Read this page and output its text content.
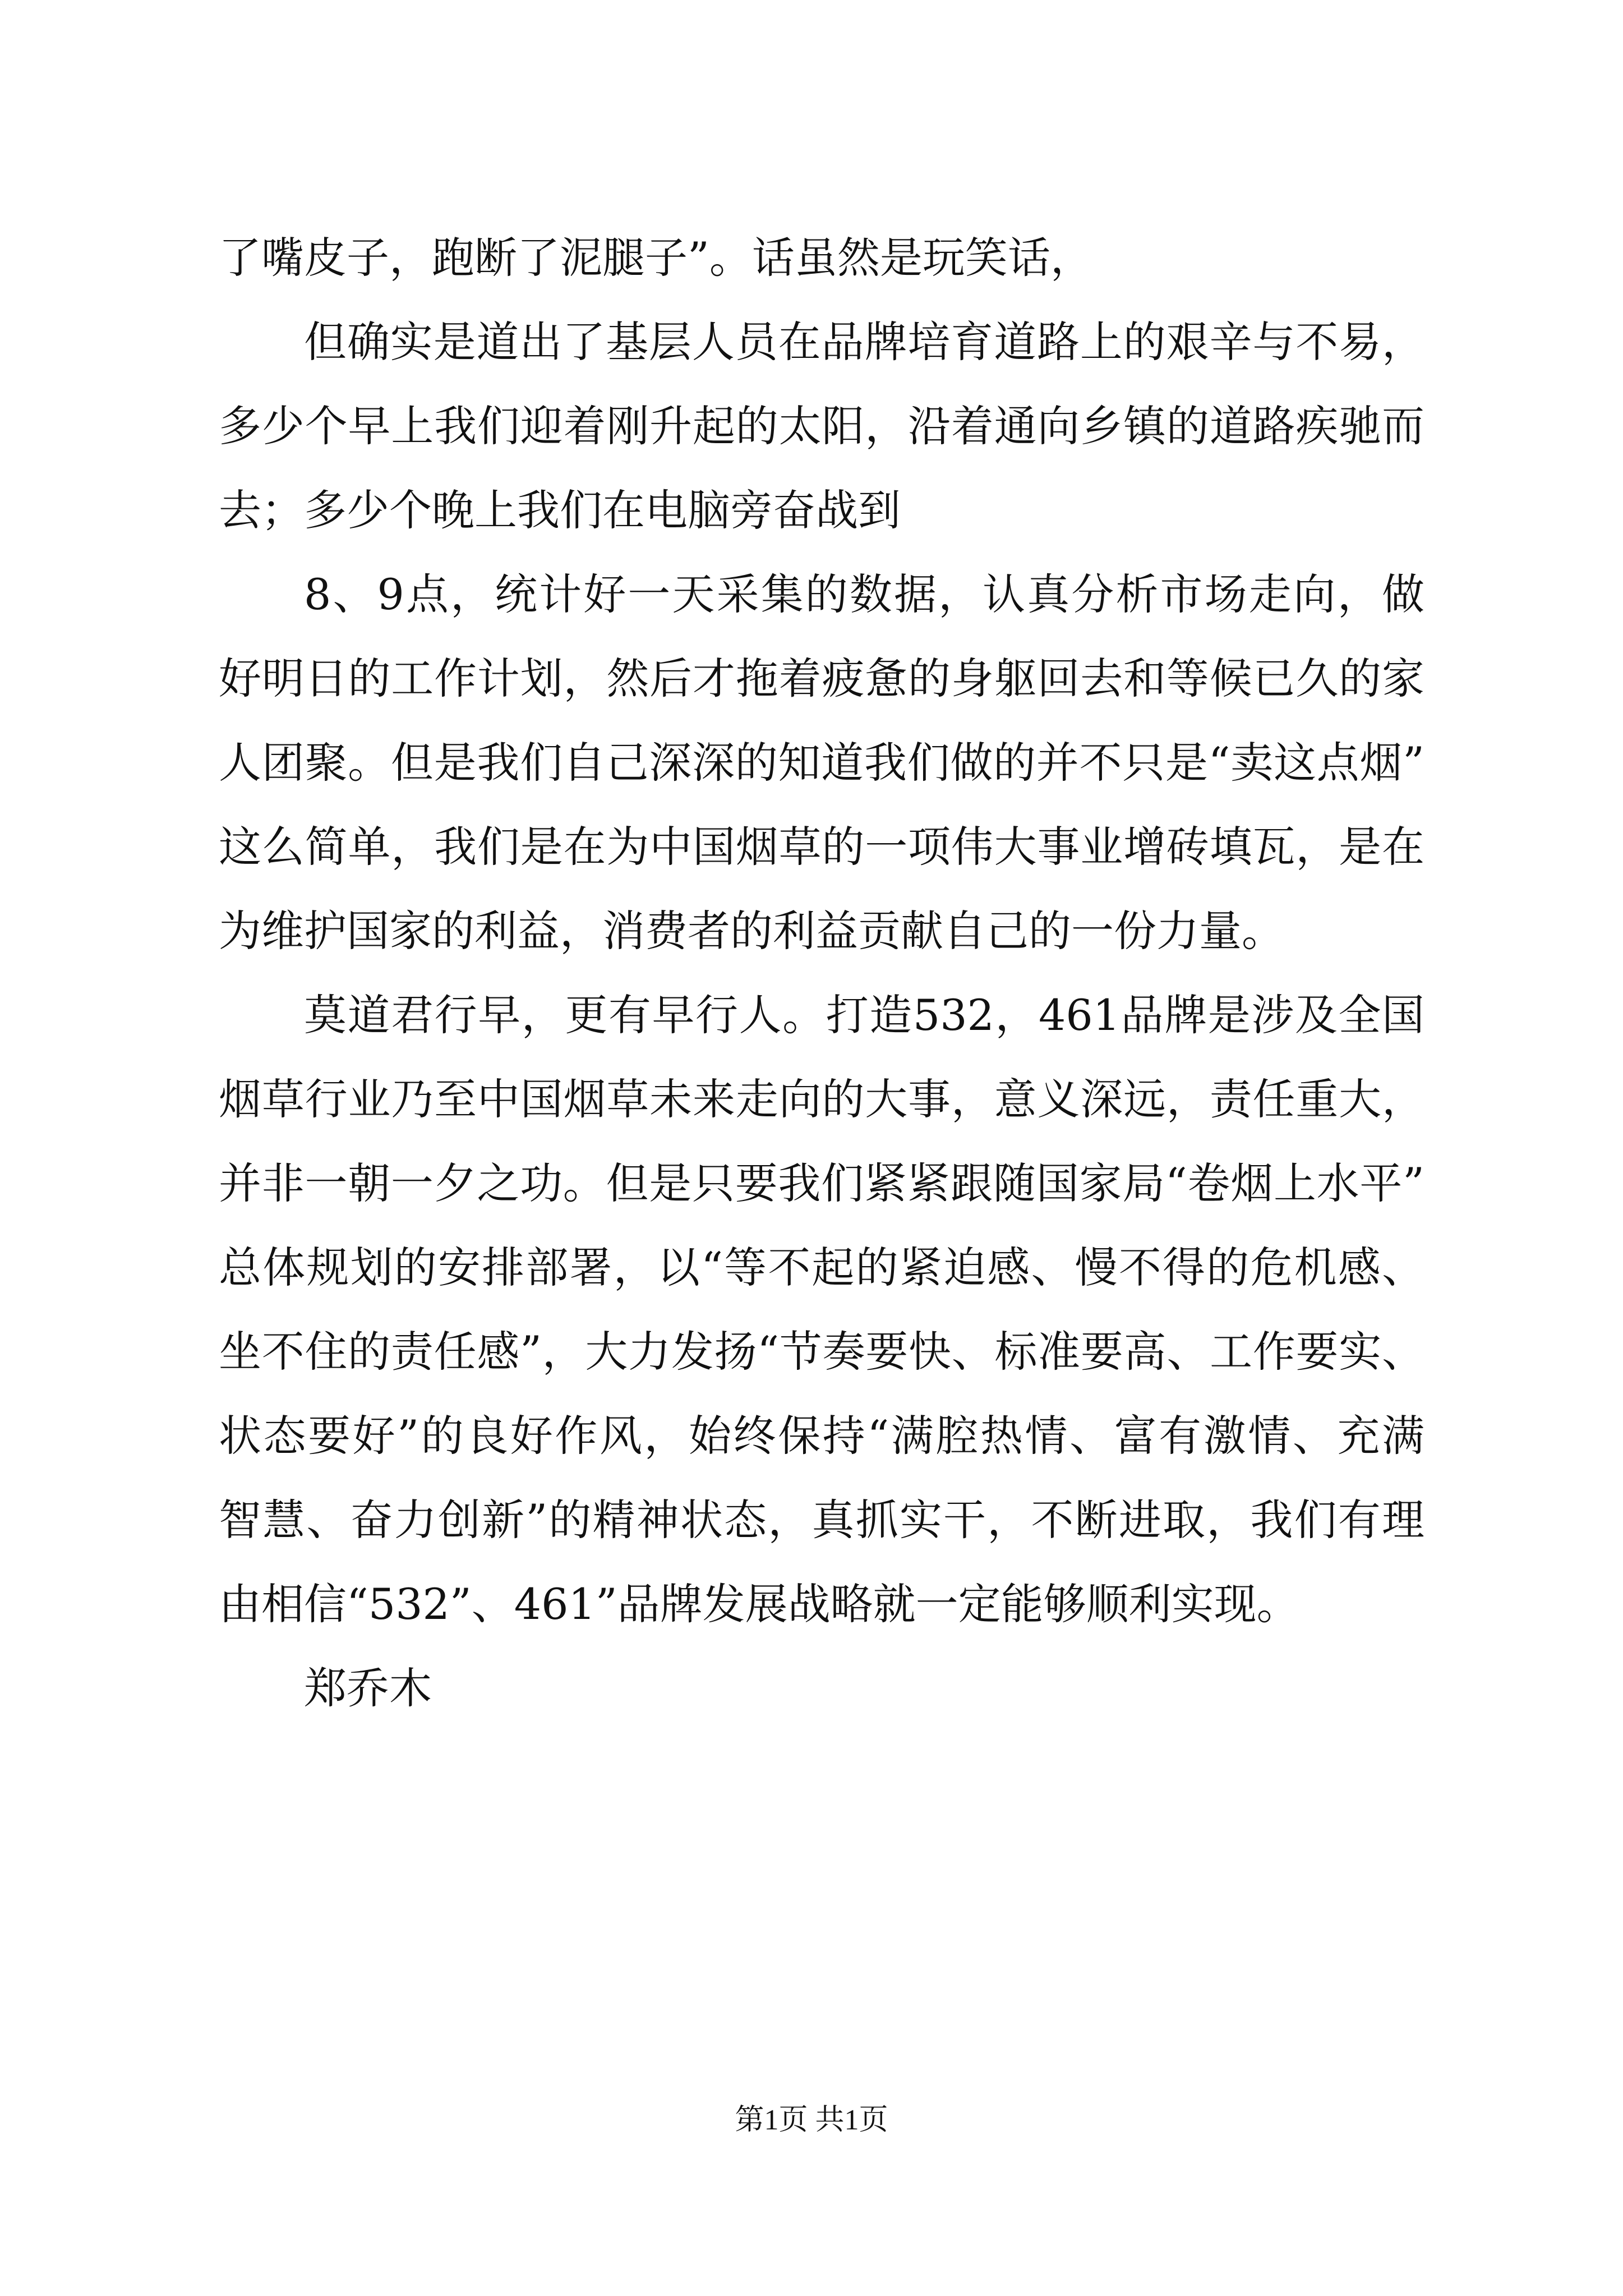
了嘴皮子，跑断了泥腿子”。话虽然是玩笑话，
但确实是道出了基层人员在品牌培育道路上的艰辛与不易，
多少个早上我们迎着刚升起的太阳，沿着通向乡镇的道路疾驰而
去；多少个晚上我们在电脑旁奋战到
8、9点，统计好一天采集的数据，认真分析市场走向，做
好明日的工作计划，然后才拖着疲惫的身躯回去和等候已久的家
人团聚。但是我们自己深深的知道我们做的并不只是“卖这点烟”
这么简单，我们是在为中国烟草的一项伟大事业增砖填瓦，是在
为维护国家的利益，消费者的利益贡献自己的一份力量。
莫道君行早，更有早行人。打造532，461品牌是涉及全国
烟草行业乃至中国烟草未来走向的大事，意义深远，责任重大，
并非一朝一夕之功。但是只要我们紧紧跟随国家局“卷烟上水平”
总体规划的安排部署，以“等不起的紧迫感、慢不得的危机感、
坐不住的责任感”，大力发扬“节奏要快、标准要高、工作要实、
状态要好”的良好作风，始终保持“满腔热情、富有激情、充满
智慧、奋力创新”的精神状态，真抓实干，不断进取，我们有理
由相信“532”、461”品牌发展战略就一定能够顺利实现。
郑乔木
第1页 共1页
